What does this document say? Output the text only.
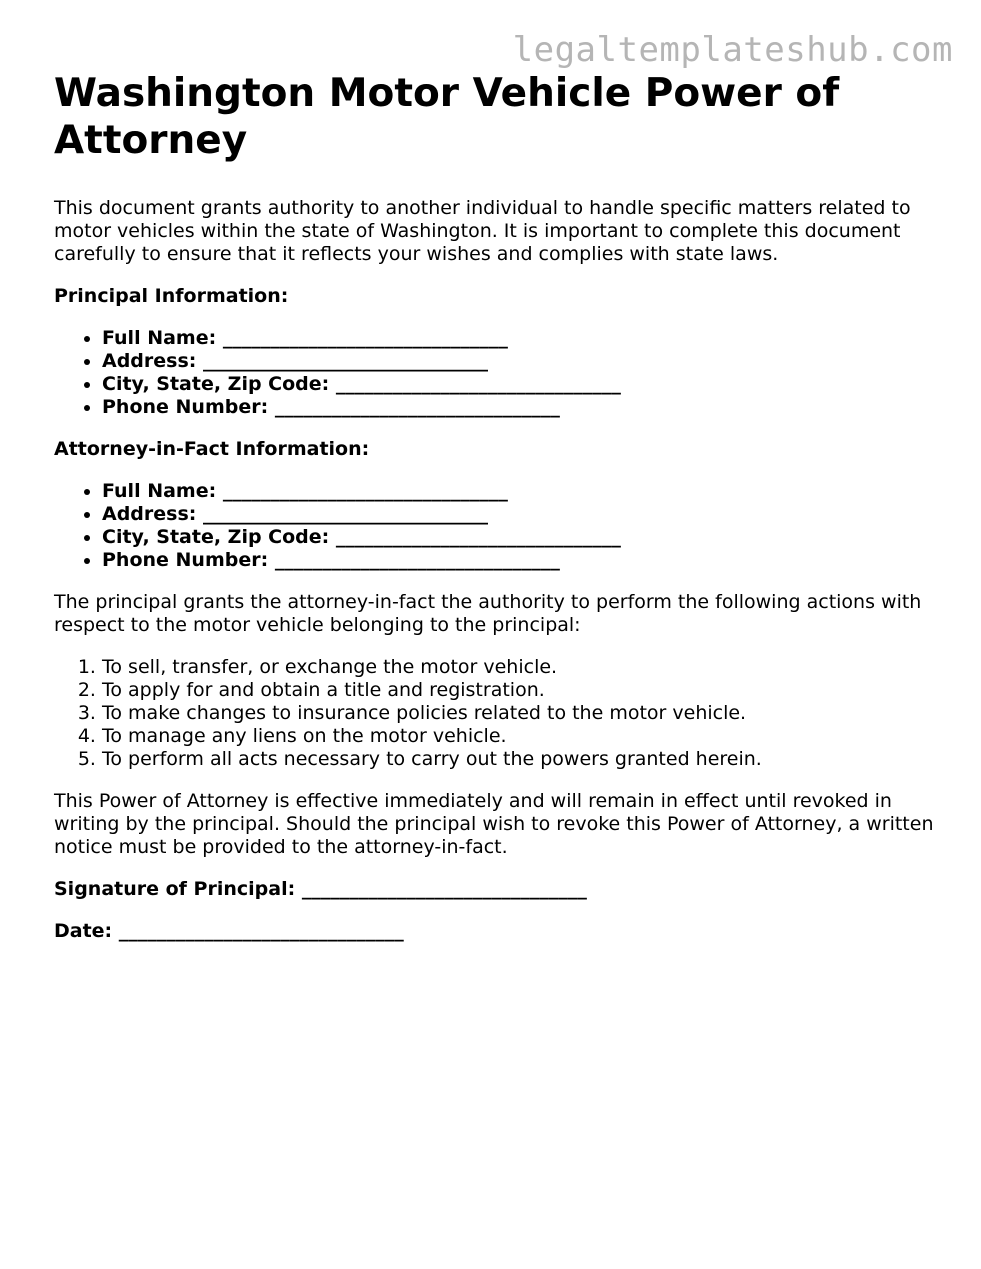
legaltemplateshub.com
Washington Motor Vehicle Power of Attorney

This document grants authority to another individual to handle specific matters related to motor vehicles within the state of Washington. It is important to complete this document carefully to ensure that it reflects your wishes and complies with state laws.

Principal Information:

• Full Name: ______________________________
• Address: ______________________________
• City, State, Zip Code: ______________________________
• Phone Number: ______________________________

Attorney-in-Fact Information:

• Full Name: ______________________________
• Address: ______________________________
• City, State, Zip Code: ______________________________
• Phone Number: ______________________________

The principal grants the attorney-in-fact the authority to perform the following actions with respect to the motor vehicle belonging to the principal:

1. To sell, transfer, or exchange the motor vehicle.
2. To apply for and obtain a title and registration.
3. To make changes to insurance policies related to the motor vehicle.
4. To manage any liens on the motor vehicle.
5. To perform all acts necessary to carry out the powers granted herein.

This Power of Attorney is effective immediately and will remain in effect until revoked in writing by the principal. Should the principal wish to revoke this Power of Attorney, a written notice must be provided to the attorney-in-fact.

Signature of Principal: ______________________________

Date: ______________________________
